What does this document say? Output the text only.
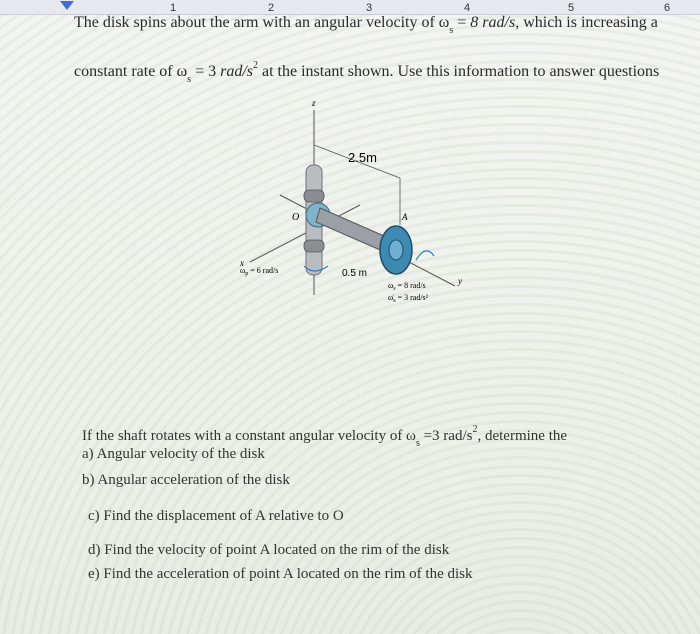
1	2	3	4	5	6
The disk spins about the arm with an angular velocity of $\omega_s = 8$ rad/s, which is increasing a
constant rate of $\omega_s = 3$ rad/$s^2$ at the instant shown. Use this information to answer questions
z
x
y
2.5m
O	A
$\omega_p = 6$ rad/s	0.5 m
$\omega_s = 8$ rad/s
$\omegȧ_s = 3$ rad/s²
If the shaft rotates with a constant angular velocity of $\omega_s =3$ rad/$s^2$, determine the
a) Angular velocity of the disk
b) Angular acceleration of the disk
c) Find the displacement of A relative to O
d) Find the velocity of point A located on the rim of the disk
e) Find the acceleration of point A located on the rim of the disk
